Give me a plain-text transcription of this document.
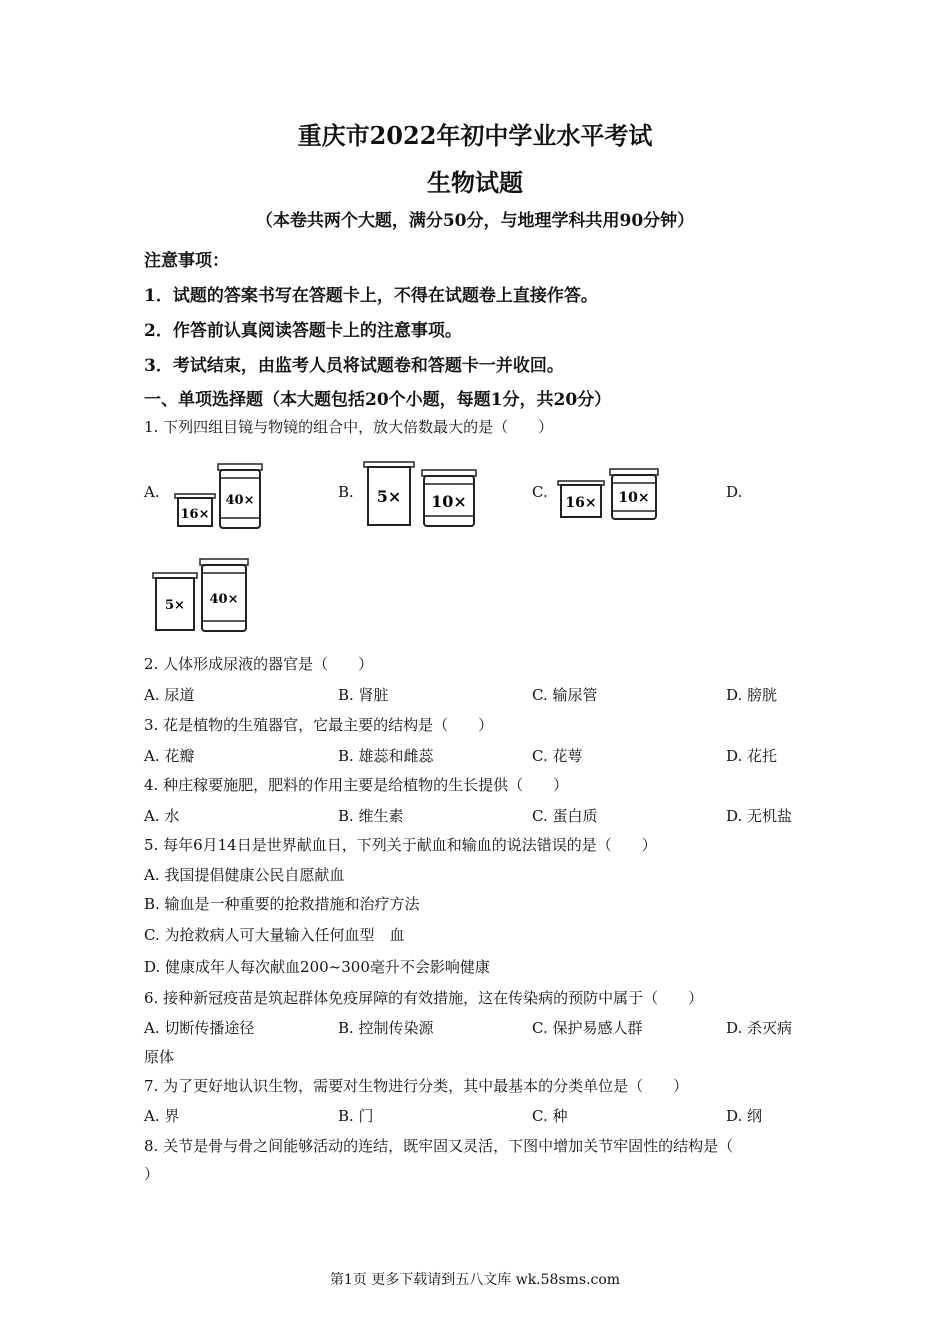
重庆市2022年初中学业水平考试
生物试题
（本卷共两个大题，满分50分，与地理学科共用90分钟）
注意事项：
1．试题的答案书写在答题卡上，不得在试题卷上直接作答。
2．作答前认真阅读答题卡上的注意事项。
3．考试结束，由监考人员将试题卷和答题卡一并收回。
一、单项选择题（本大题包括20个小题，每题1分，共20分）
1. 下列四组目镜与物镜的组合中，放大倍数最大的是（　　）
A.	B.	C.	D.
16×
40×	5× 10×	16× 10×
5× 40×
2. 人体形成尿液的器官是（　　）
A. 尿道	B. 肾脏	C. 输尿管	D. 膀胱
3. 花是植物的生殖器官，它最主要的结构是（　　）
A. 花瓣	B. 雄蕊和雌蕊	C. 花萼	D. 花托
4. 种庄稼要施肥，肥料的作用主要是给植物的生长提供（　　）
A. 水	B. 维生素	C. 蛋白质	D. 无机盐
5. 每年6月14日是世界献血日，下列关于献血和输血的说法错误的是（　　）
A. 我国提倡健康公民自愿献血
B. 输血是一种重要的抢救措施和治疗方法
C. 为抢救病人可大量输入任何血型　血
D. 健康成年人每次献血200~300毫升不会影响健康
6. 接种新冠疫苗是筑起群体免疫屏障的有效措施，这在传染病的预防中属于（　　）
A. 切断传播途径	B. 控制传染源	C. 保护易感人群	D. 杀灭病
原体
7. 为了更好地认识生物，需要对生物进行分类，其中最基本的分类单位是（　　）
A. 界	B. 门	C. 种	D. 纲
8. 关节是骨与骨之间能够活动的连结，既牢固又灵活，下图中增加关节牢固性的结构是（
）
第1页 更多下载请到五八文库 wk.58sms.com
